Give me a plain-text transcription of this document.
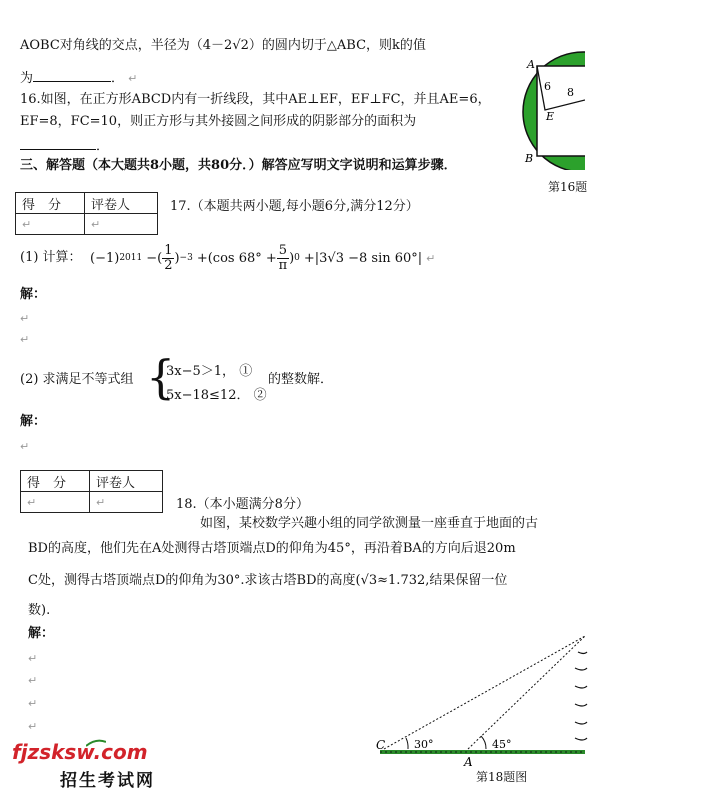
AOBC对角线的交点，半径为（4－2√2）的圆内切于△ABC，则k的值
为	． ↵
16.如图，在正方形ABCD内有一折线段，其中AE⊥EF，EF⊥FC，并且AE=6，
EF=8，FC=10，则正方形与其外接圆之间形成的阴影部分的面积为
．
A
B
E
6 8
第16题
三、解答题（本大题共8小题，共80分．）解答应写明文字说明和运算步骤．
得　分	评卷人
↵	↵
17.（本题共两小题,每小题6分,满分12分）
(1) 计算： (−1) 2011 −( $\frac{1}{2}$ ) −3 +(cos $68^\circ + \frac{5}{\pi}$ ) 0 +|3√3 −8 sin 60°| ↵
解：
↵
↵
(2) 求满足不等式组 {
3x−5＞1， ①
5x−18≤12． ②
的整数解．
解：
↵
得　分	评卷人
↵	↵	18.（本小题满分8分）
如图，某校数学兴趣小组的同学欲测量一座垂直于地面的古
BD的高度，他们先在A处测得古塔顶端点D的仰角为45°，再沿着BA的方向后退20m
C处，测得古塔顶端点D的仰角为30°.求该古塔BD的高度(√3≈1.732,结果保留一位
数).
解：
↵
↵
↵
↵
C
A
30°	45°
第18题图
fjzsksw.com
招生考试网
